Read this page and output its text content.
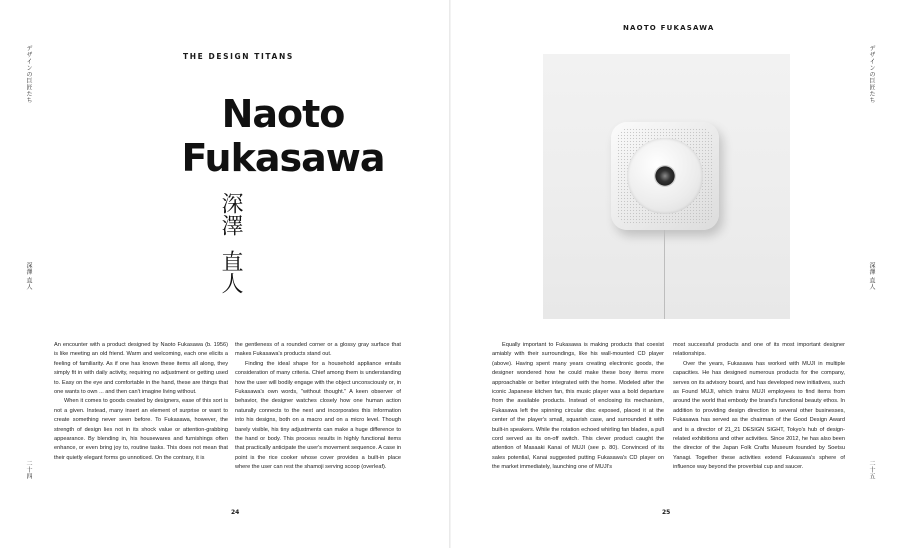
THE DESIGN TITANS
デザインの巨匠たち
深澤 直人
二十四
Naoto
Fukasawa
深澤
直人

An encounter with a product designed by Naoto Fukasawa (b. 1956) is like meeting an old friend. Warm and welcoming, each one elicits a feeling of familiarity. As if one has known these items all along, they simply fit in with daily activity, requiring no adjustment or getting used to. Easy on the eye and comfortable in the hand, these are things that one wants to own ... and then can't imagine living without.

When it comes to goods created by designers, ease of this sort is not a given. Instead, many insert an element of surprise or want to create something never seen before. To Fukasawa, however, the strength of design lies not in its shock value or attention-grabbing appearance. By blending in, his housewares and furnishings often enhance, or even bring joy to, routine tasks. This does not mean that their quietly elegant forms go unnoticed. On the contrary, it is

the gentleness of a rounded corner or a glossy gray surface that makes Fukasawa's products stand out.

Finding the ideal shape for a household appliance entails consideration of many criteria. Chief among them is understanding how the user will bodily engage with the object unconsciously or, in Fukasawa's own words, "without thought." A keen observer of behavior, the designer watches closely how one human action naturally connects to the next and incorporates this information into his designs, both on a macro and on a micro level. Though barely visible, his tiny adjustments can make a huge difference to the hand or body. This process results in highly functional items that practically anticipate the user's movement sequence. A case in point is the rice cooker whose cover provides a built-in place where the user can rest the shamoji serving scoop (overleaf).

24
NAOTO FUKASAWA
デザインの巨匠たち
深澤 直人
二十五

Equally important to Fukasawa is making products that coexist amiably with their surroundings, like his wall-mounted CD player (above). Having spent many years creating electronic goods, the designer wondered how he could make these boxy items more approachable or better integrated with the home. Modeled after the iconic Japanese kitchen fan, this music player was a bold departure from the available products. Instead of enclosing its mechanism, Fukasawa left the spinning circular disc exposed, placed it at the center of the player's small, squarish case, and surrounded it with built-in speakers. While the rotation echoed whirling fan blades, a pull cord served as its on-off switch. This clever product caught the attention of Masaaki Kanai of MUJI (see p. 80). Convinced of its sales potential, Kanai suggested putting Fukasawa's CD player on the market immediately, launching one of MUJI's

most successful products and one of its most important designer relationships.

Over the years, Fukasawa has worked with MUJI in multiple capacities. He has designed numerous products for the company, serves on its advisory board, and has developed new initiatives, such as Found MUJI, which trains MUJI employees to find items from around the world that embody the brand's functional beauty ethos. In addition to providing design direction to several other businesses, Fukasawa has served as the chairman of the Good Design Award and is a director of 21_21 DESIGN SIGHT, Tokyo's hub of design-related exhibitions and other activities. Since 2012, he has also been the director of the Japan Folk Crafts Museum founded by Soetsu Yanagi. Together these activities extend Fukasawa's sphere of influence way beyond the proverbial cup and saucer.

25
